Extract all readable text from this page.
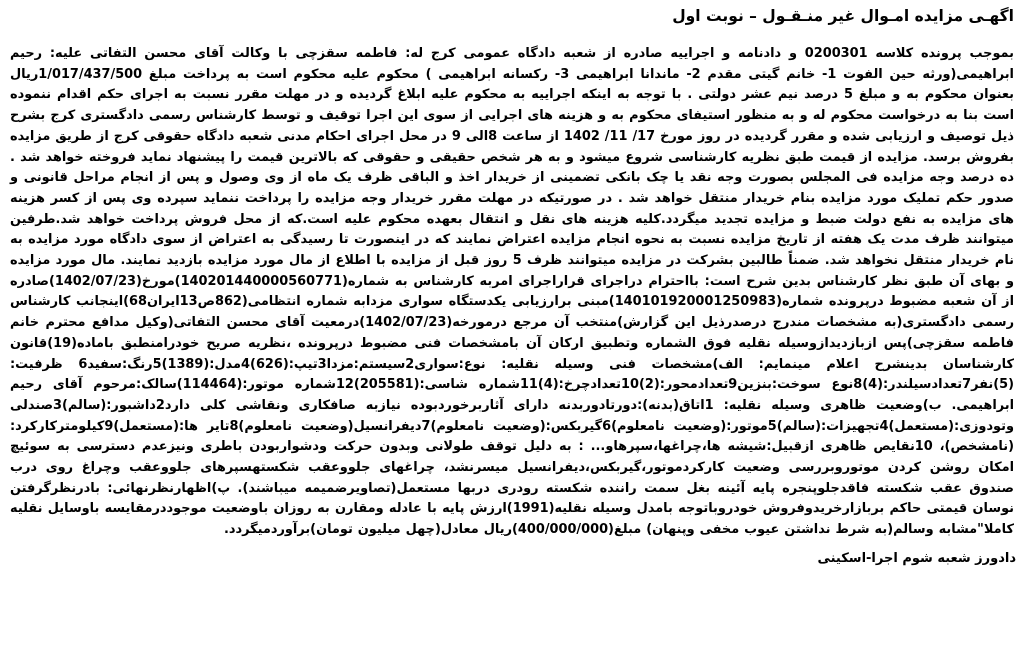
اگهـی مزایده امـوال غیر منـقـول – نوبت اول

بموجب پرونده کلاسه 0200301 و دادنامه و اجراییه صادره از شعبه دادگاه عمومی کرج له: فاطمه سقزچی با وکالت آقای محسن التفاتی علیه: رحیم ابراهیمی(ورثه حین الفوت 1- خانم گیتی مقدم 2- ماندانا ابراهیمی 3- رکسانه ابراهیمی ) محکوم علیه محکوم است به پرداخت مبلغ 1/017/437/500ریال بعنوان محکوم به و مبلغ 5 درصد نیم عشر دولتی . با توجه به اینکه اجراییه به محکوم علیه ابلاغ گردیده و در مهلت مقرر نسبت به اجرای حکم اقدام ننموده است بنا به درخواست محکوم له و به منظور استیفای محکوم به و هزینه های اجرایی از سوی این اجرا توقیف و توسط کارشناس رسمی دادگستری کرج بشرح ذیل توصیف و ارزیابی شده و مقرر گردیده در روز مورخ 17/ 11/ 1402 از ساعت 8الی 9 در محل اجرای احکام مدنی شعبه دادگاه حقوقی کرج از طریق مزایده بفروش برسد. مزایده از قیمت طبق نظریه کارشناسی شروع میشود و به هر شخص حقیقی و حقوقی که بالاترین قیمت را پیشنهاد نماید فروخته خواهد شد . ده درصد وجه مزایده فی المجلس بصورت وجه نقد یا چک بانکی تضمینی از خریدار اخذ و الباقی ظرف یک ماه از وی وصول و پس از انجام مراحل قانونی و صدور حکم تملیک مورد مزایده بنام خریدار منتقل خواهد شد . در صورتیکه در مهلت مقرر خریدار وجه مزایده را پرداخت ننماید سپرده وی پس از کسر هزینه های مزایده به نفع دولت ضبط و مزایده تجدید میگردد.کلیه هزینه های نقل و انتقال بعهده محکوم علیه است.که از محل فروش پرداخت خواهد شد.طرفین میتوانند ظرف مدت یک هفته از تاریخ مزایده نسبت به نحوه انجام مزایده اعتراض نمایند که در اینصورت تا رسیدگی به اعتراض از سوی دادگاه مورد مزایده به نام خریدار منتقل نخواهد شد. ضمناً طالبین بشرکت در مزایده میتوانند ظرف 5 روز قبل از مزایده با اطلاع از مال مورد مزایده بازدید نمایند. مال مورد مزایده و بهای آن طبق نظر کارشناس بدین شرح است: بااحترام دراجرای قراراجرای امربه کارشناس به شماره(140201440000560771)مورخ(1402/07/23)صادره از آن شعبه مضبوط درپرونده شماره(140101920001250983)مبنی برارزیابی یکدستگاه سواری مزدابه شماره انتظامی(862ص13ایران68)اینجانب کارشناس رسمی دادگستری(به مشخصات مندرج درصدرذیل این گزارش)منتخب آن مرجع درمورخه(1402/07/23)درمعیت آقای محسن التفاتی(وکیل مدافع محترم خانم فاطمه سقزچی)پس ازبازدیدازوسیله نقلیه فوق الشماره وتطبیق ارکان آن بامشخصات فنی مضبوط درپرونده ،نظریه صریح خودرامنطبق باماده(19)قانون کارشناسان بدینشرح اعلام مینمایم: الف)مشخصات فنی وسیله نقلیه: نوع:سواری2سیستم:مزدا3تیپ:(626)4مدل:(1389)5رنگ:سفید6 ظرفیت:(5)نفر7تعدادسیلندر:(4)8نوع سوخت:بنزین9تعدادمحور:(2)10تعدادچرخ:(4)11شماره شاسی:(205581)12شماره موتور:(114464)سالک:مرحوم آقای رحیم ابراهیمی. ب)وضعیت ظاهری وسیله نقلیه: 1اتاق(بدنه):دورتادوربدنه دارای آثاربرخوردبوده نیازبه صافکاری ونقاشی کلی دارد2داشبور:(سالم)3صندلی وتودوزی:(مستعمل)4تجهیزات:(سالم)5موتور:(وضعیت نامعلوم)6گیربکس:(وضعیت نامعلوم)7دیفرانسیل(وضعیت نامعلوم)8تایر ها:(مستعمل)9کیلومترکارکرد:(نامشخص)، 10نقایص ظاهری ازقبیل:شیشه ها،چراغها،سپرهاو... : به دلیل توقف طولانی وبدون حرکت ودشواربودن باطری ونیزعدم دسترسی به سوئیچ امکان روشن کردن موتوروبررسی وضعیت کارکردموتور،گیربکس،دیفرانسیل میسرنشد، چراغهای جلووعقب شکستهسپرهای جلووعقب وچراغ روی درب صندوق عقب شکسته فاقدجلوپنجره پایه آئینه بغل سمت راننده شکسته رودری دربها مستعمل(تصاویرضمیمه میباشند). پ)اظهارنظرنهائی: بادرنظرگرفتن نوسان قیمتی حاکم بربازارخریدوفروش خودروباتوجه بامدل وسیله نقلیه(1991)ارزش پایه با عادله ومقارن به روزان باوضعیت موجوددرمقایسه باوسایل نقلیه کاملا"مشابه وسالم(به شرط نداشتن عیوب مخفی وپنهان) مبلغ(400/000/000)ریال معادل(چهل میلیون تومان)برآوردمیگردد.

دادورز شعبه شوم اجرا-اسکینی
